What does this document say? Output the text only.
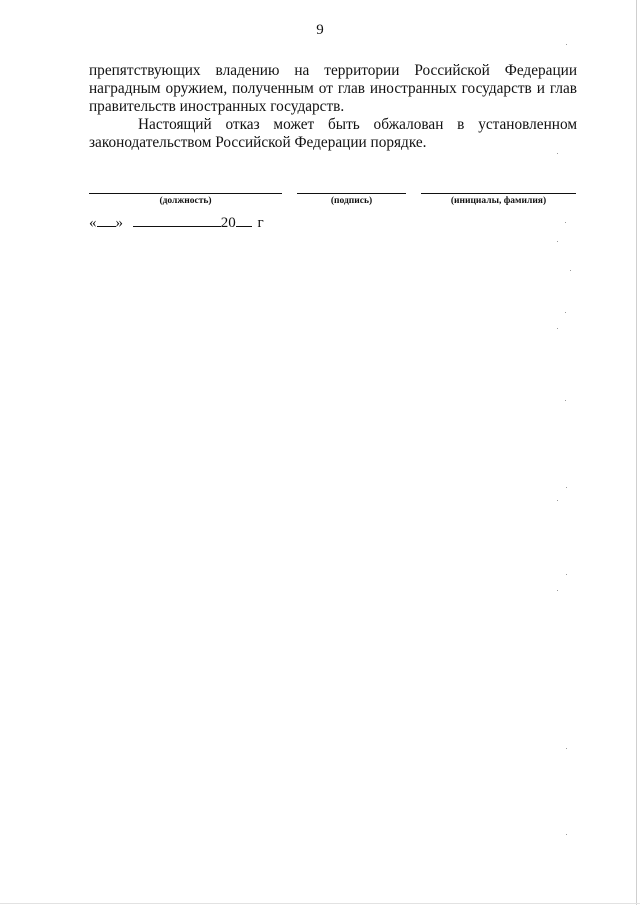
9

препятствующих владению на территории Российской Федерации

наградным оружием, полученным от глав иностранных государств и глав

правительств иностранных государств.

Настоящий отказ может быть обжалован в установленном

законодательством Российской Федерации порядке.

(должность)	(подпись)	(инициалы, фамилия)
« »	20 г
